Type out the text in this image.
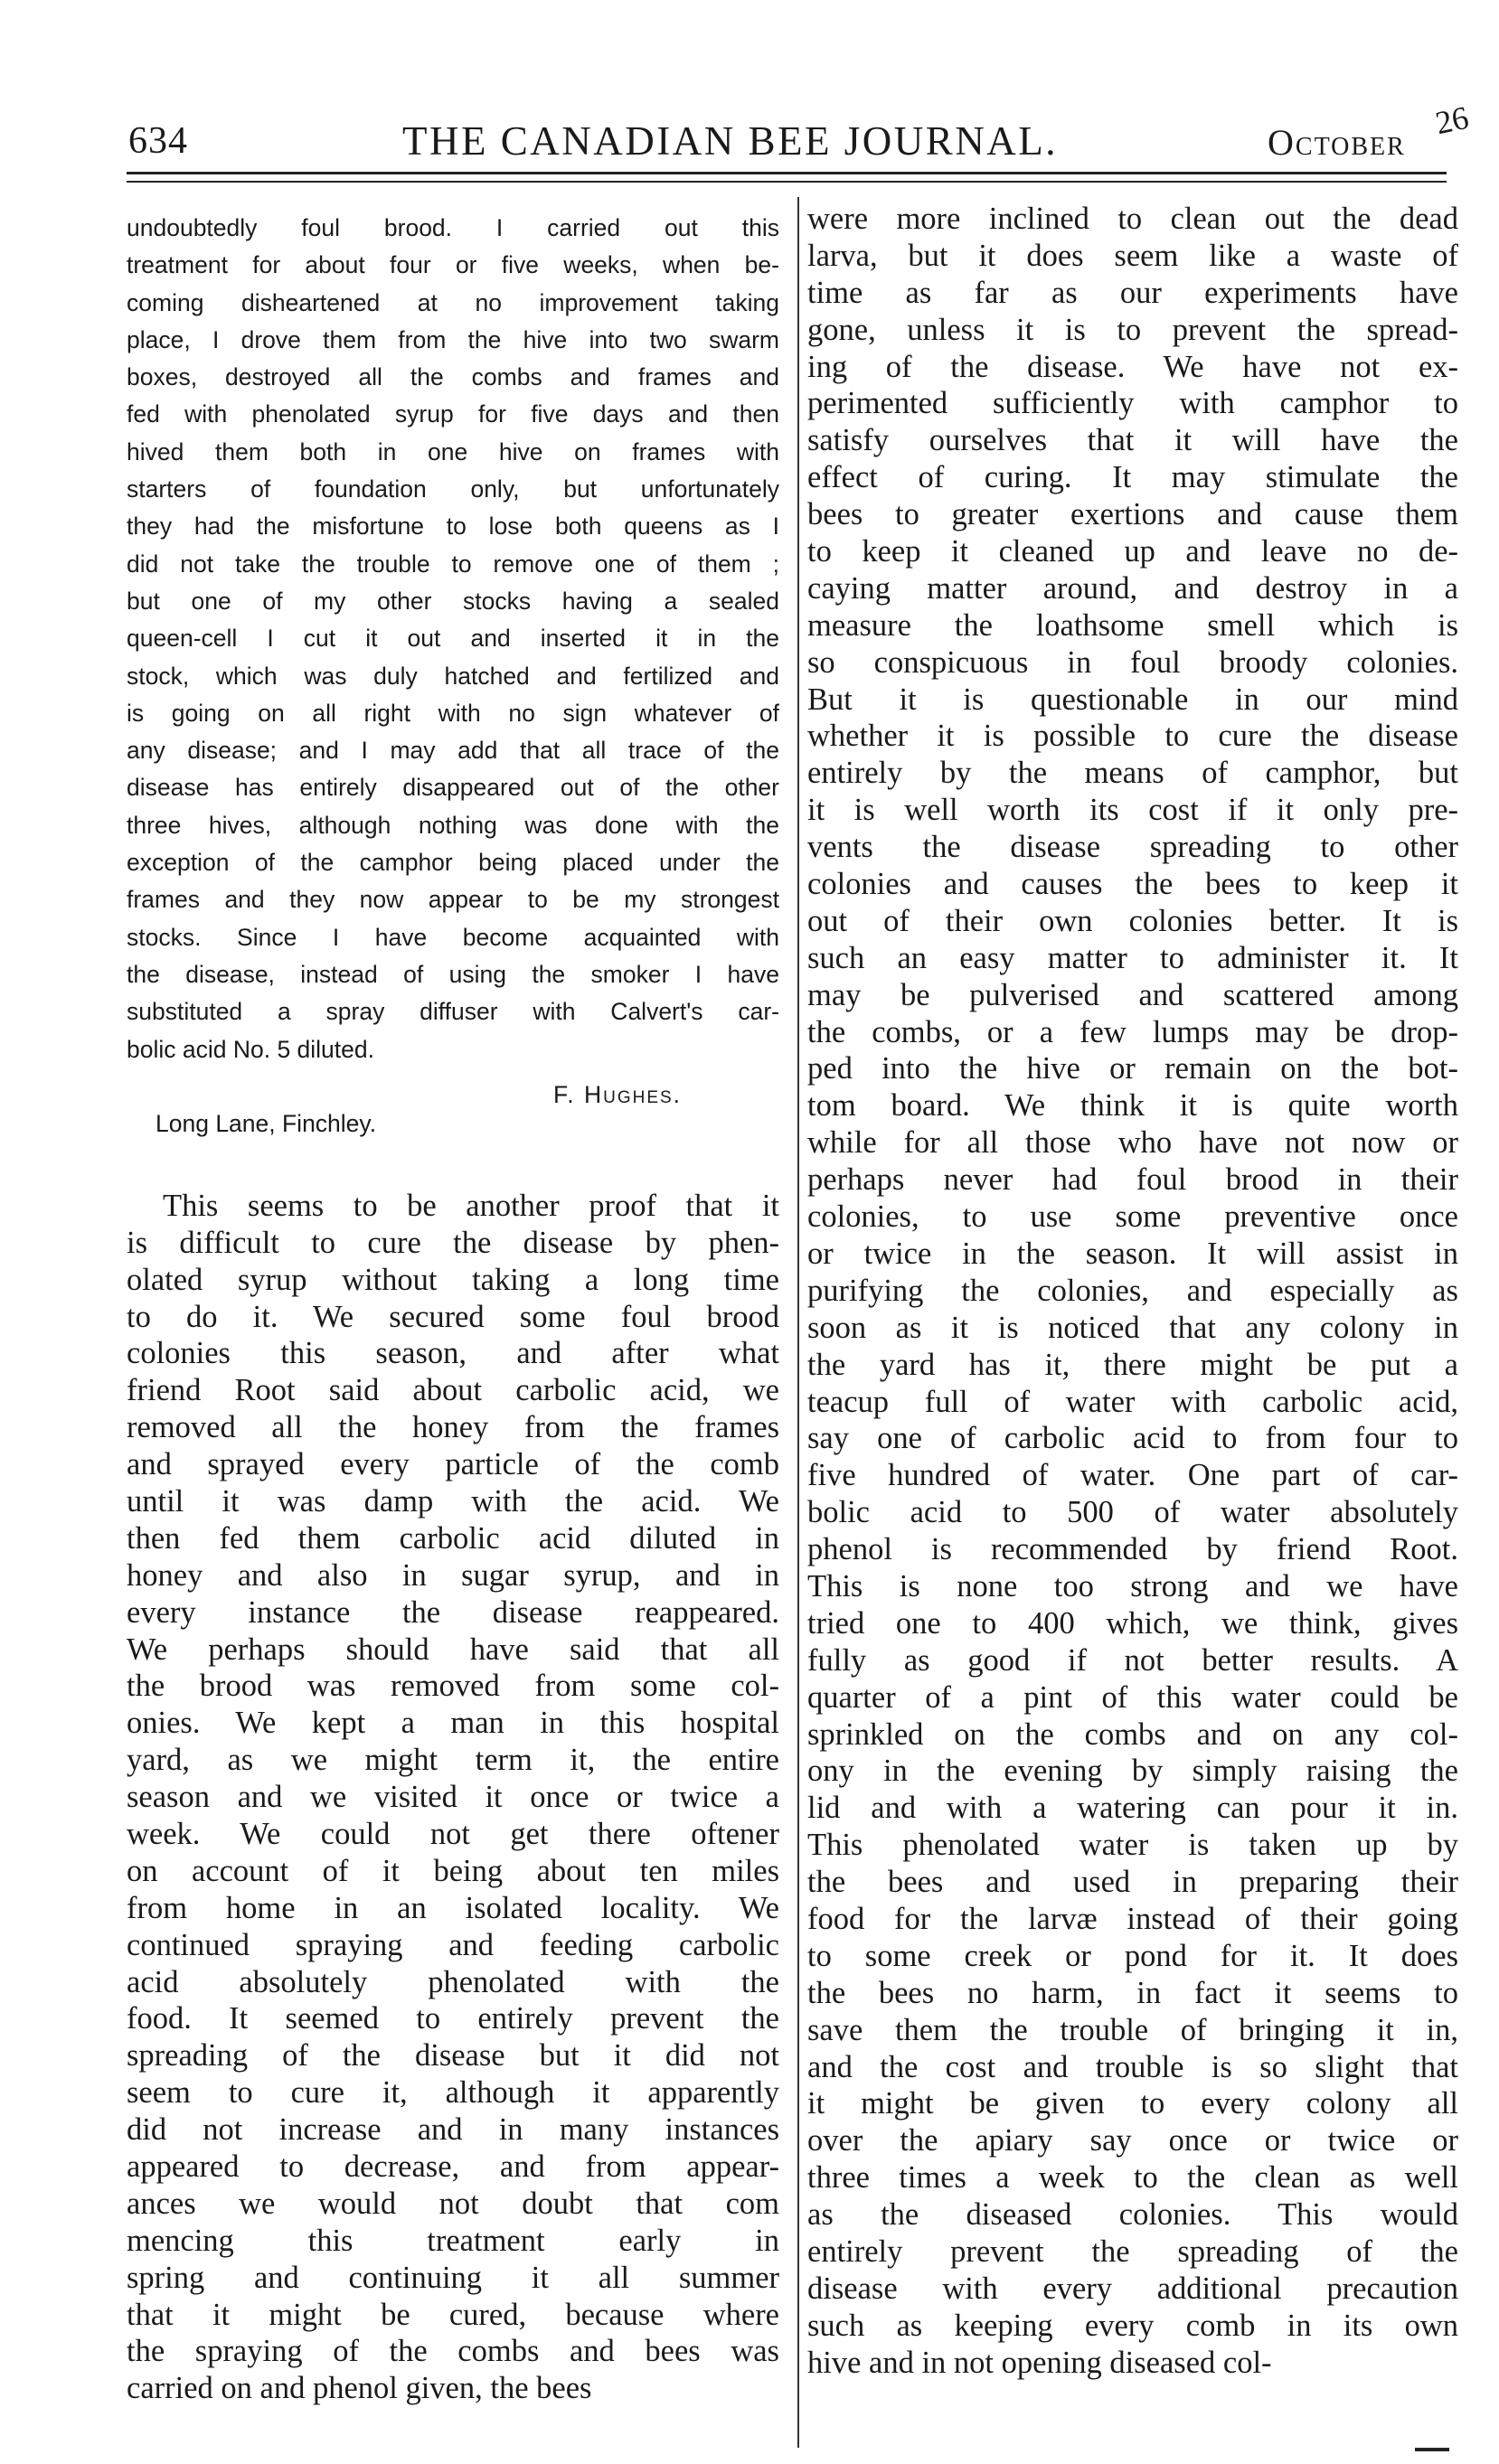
634	THE CANADIAN BEE JOURNAL.	October
26
undoubtedly foul brood. I carried out this
treatment for about four or five weeks, when be-
coming disheartened at no improvement taking
place, I drove them from the hive into two swarm
boxes, destroyed all the combs and frames and
fed with phenolated syrup for five days and then
hived them both in one hive on frames with
starters of foundation only, but unfortunately
they had the misfortune to lose both queens as I
did not take the trouble to remove one of them ;
but one of my other stocks having a sealed
queen-cell I cut it out and inserted it in the
stock, which was duly hatched and fertilized and
is going on all right with no sign whatever of
any disease; and I may add that all trace of the
disease has entirely disappeared out of the other
three hives, although nothing was done with the
exception of the camphor being placed under the
frames and they now appear to be my strongest
stocks. Since I have become acquainted with
the disease, instead of using the smoker I have
substituted a spray diffuser with Calvert's car-
bolic acid No. 5 diluted.
F. Hughes.
Long Lane, Finchley.
This seems to be another proof that it
is difficult to cure the disease by phen-
olated syrup without taking a long time
to do it. We secured some foul brood
colonies this season, and after what
friend Root said about carbolic acid, we
removed all the honey from the frames
and sprayed every particle of the comb
until it was damp with the acid. We
then fed them carbolic acid diluted in
honey and also in sugar syrup, and in
every instance the disease reappeared.
We perhaps should have said that all
the brood was removed from some col-
onies. We kept a man in this hospital
yard, as we might term it, the entire
season and we visited it once or twice a
week. We could not get there oftener
on account of it being about ten miles
from home in an isolated locality. We
continued spraying and feeding carbolic
acid absolutely phenolated with the
food. It seemed to entirely prevent the
spreading of the disease but it did not
seem to cure it, although it apparently
did not increase and in many instances
appeared to decrease, and from appear-
ances we would not doubt that com
mencing this treatment early in
spring and continuing it all summer
that it might be cured, because where
the spraying of the combs and bees was
carried on and phenol given, the bees
were more inclined to clean out the dead
larva, but it does seem like a waste of
time as far as our experiments have
gone, unless it is to prevent the spread-
ing of the disease. We have not ex-
perimented sufficiently with camphor to
satisfy ourselves that it will have the
effect of curing. It may stimulate the
bees to greater exertions and cause them
to keep it cleaned up and leave no de-
caying matter around, and destroy in a
measure the loathsome smell which is
so conspicuous in foul broody colonies.
But it is questionable in our mind
whether it is possible to cure the disease
entirely by the means of camphor, but
it is well worth its cost if it only pre-
vents the disease spreading to other
colonies and causes the bees to keep it
out of their own colonies better. It is
such an easy matter to administer it. It
may be pulverised and scattered among
the combs, or a few lumps may be drop-
ped into the hive or remain on the bot-
tom board. We think it is quite worth
while for all those who have not now or
perhaps never had foul brood in their
colonies, to use some preventive once
or twice in the season. It will assist in
purifying the colonies, and especially as
soon as it is noticed that any colony in
the yard has it, there might be put a
teacup full of water with carbolic acid,
say one of carbolic acid to from four to
five hundred of water. One part of car-
bolic acid to 500 of water absolutely
phenol is recommended by friend Root.
This is none too strong and we have
tried one to 400 which, we think, gives
fully as good if not better results. A
quarter of a pint of this water could be
sprinkled on the combs and on any col-
ony in the evening by simply raising the
lid and with a watering can pour it in.
This phenolated water is taken up by
the bees and used in preparing their
food for the larvæ instead of their going
to some creek or pond for it. It does
the bees no harm, in fact it seems to
save them the trouble of bringing it in,
and the cost and trouble is so slight that
it might be given to every colony all
over the apiary say once or twice or
three times a week to the clean as well
as the diseased colonies. This would
entirely prevent the spreading of the
disease with every additional precaution
such as keeping every comb in its own
hive and in not opening diseased col-
